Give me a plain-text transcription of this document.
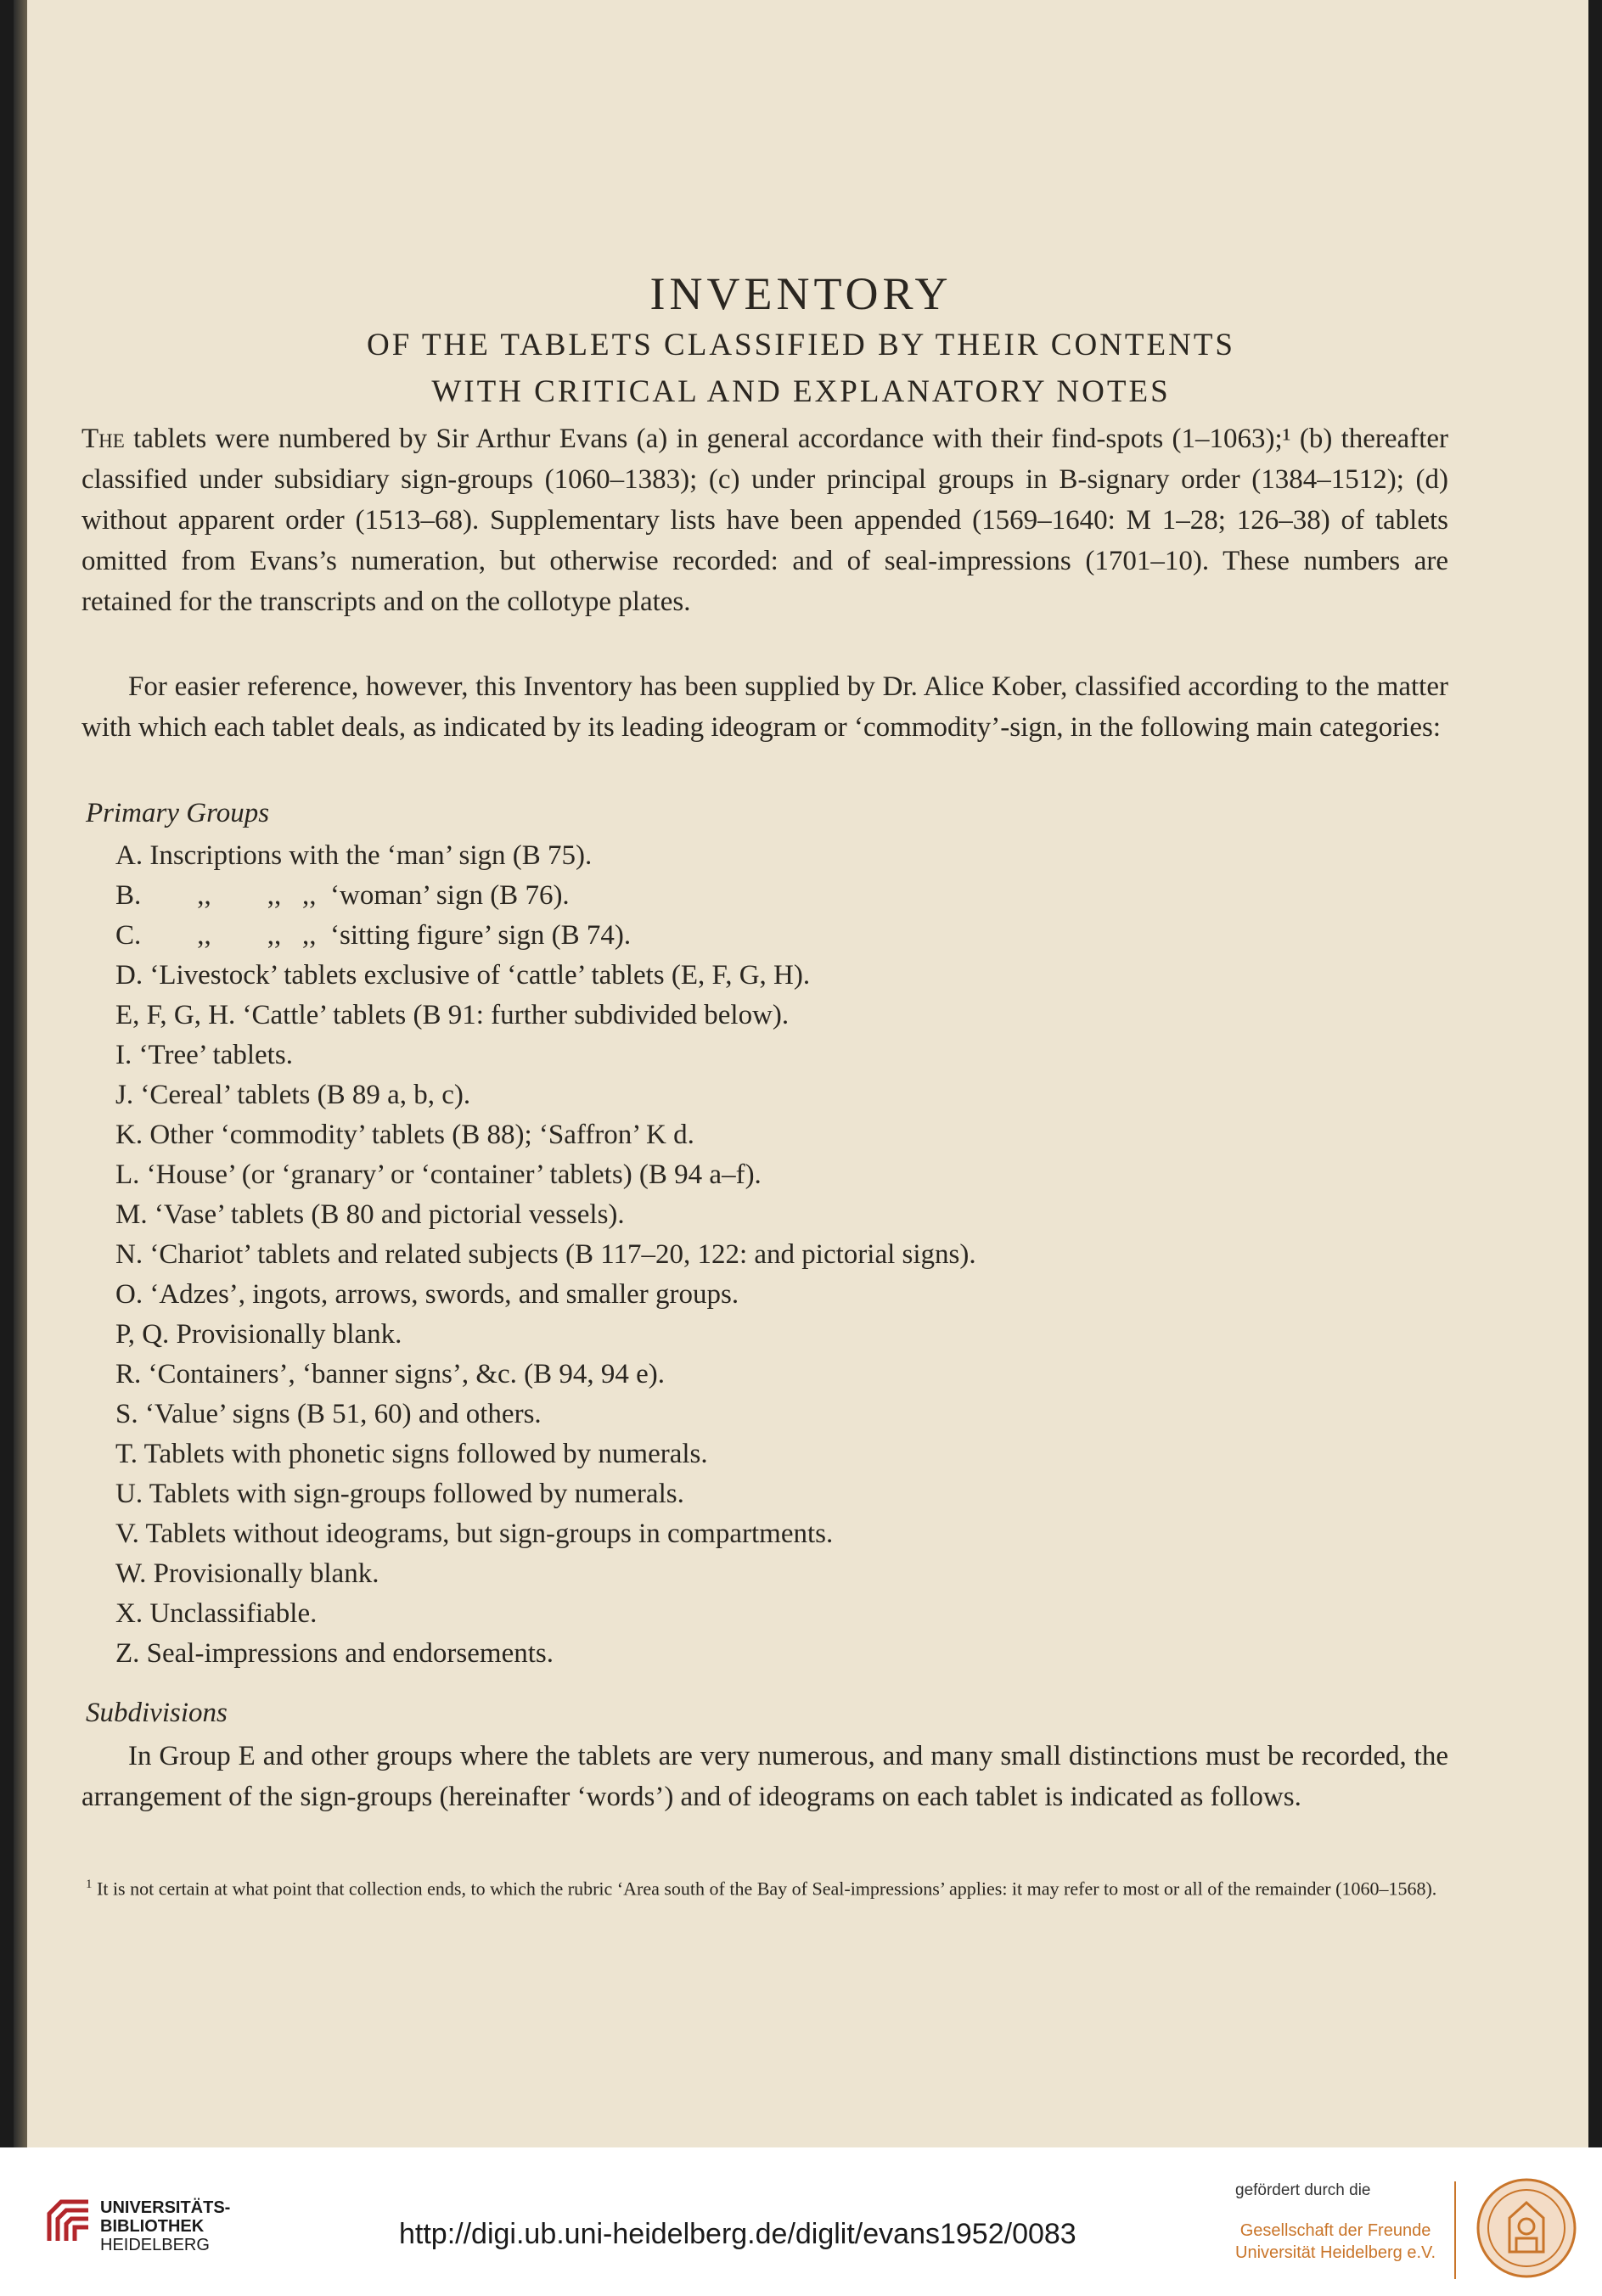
INVENTORY
OF THE TABLETS CLASSIFIED BY THEIR CONTENTS
WITH CRITICAL AND EXPLANATORY NOTES

The tablets were numbered by Sir Arthur Evans (a) in general accordance with their find-spots (1–1063);¹ (b) thereafter classified under subsidiary sign-groups (1060–1383); (c) under principal groups in B-signary order (1384–1512); (d) without apparent order (1513–68). Supplementary lists have been appended (1569–1640: M 1–28; 126–38) of tablets omitted from Evans’s numeration, but otherwise recorded: and of seal-impressions (1701–10). These numbers are retained for the transcripts and on the collotype plates.

For easier reference, however, this Inventory has been supplied by Dr. Alice Kober, classified according to the matter with which each tablet deals, as indicated by its leading ideogram or ‘commodity’-sign, in the following main categories:

Primary Groups
A. Inscriptions with the ‘man’ sign (B 75).
B.        ,,        ,,   ,,  ‘woman’ sign (B 76).
C.        ,,        ,,   ,,  ‘sitting figure’ sign (B 74).
D. ‘Livestock’ tablets exclusive of ‘cattle’ tablets (E, F, G, H).
E, F, G, H. ‘Cattle’ tablets (B 91: further subdivided below).
I. ‘Tree’ tablets.
J. ‘Cereal’ tablets (B 89 a, b, c).
K. Other ‘commodity’ tablets (B 88); ‘Saffron’ K d.
L. ‘House’ (or ‘granary’ or ‘container’ tablets) (B 94 a–f).
M. ‘Vase’ tablets (B 80 and pictorial vessels).
N. ‘Chariot’ tablets and related subjects (B 117–20, 122: and pictorial signs).
O. ‘Adzes’, ingots, arrows, swords, and smaller groups.
P, Q. Provisionally blank.
R. ‘Containers’, ‘banner signs’, &c. (B 94, 94 e).
S. ‘Value’ signs (B 51, 60) and others.
T. Tablets with phonetic signs followed by numerals.
U. Tablets with sign-groups followed by numerals.
V. Tablets without ideograms, but sign-groups in compartments.
W. Provisionally blank.
X. Unclassifiable.
Z. Seal-impressions and endorsements.
Subdivisions

In Group E and other groups where the tablets are very numerous, and many small distinctions must be recorded, the arrangement of the sign-groups (hereinafter ‘words’) and of ideograms on each tablet is indicated as follows.

$^1$ It is not certain at what point that collection ends, to which the rubric ‘Area south of the Bay of Seal-impressions’ applies: it may refer to most or all of the remainder (1060–1568).
UNIVERSITÄTS-
BIBLIOTHEK
HEIDELBERG	http://digi.ub.uni-heidelberg.de/diglit/evans1952/0083
gefördert durch die
Gesellschaft der Freunde
Universität Heidelberg e.V.
